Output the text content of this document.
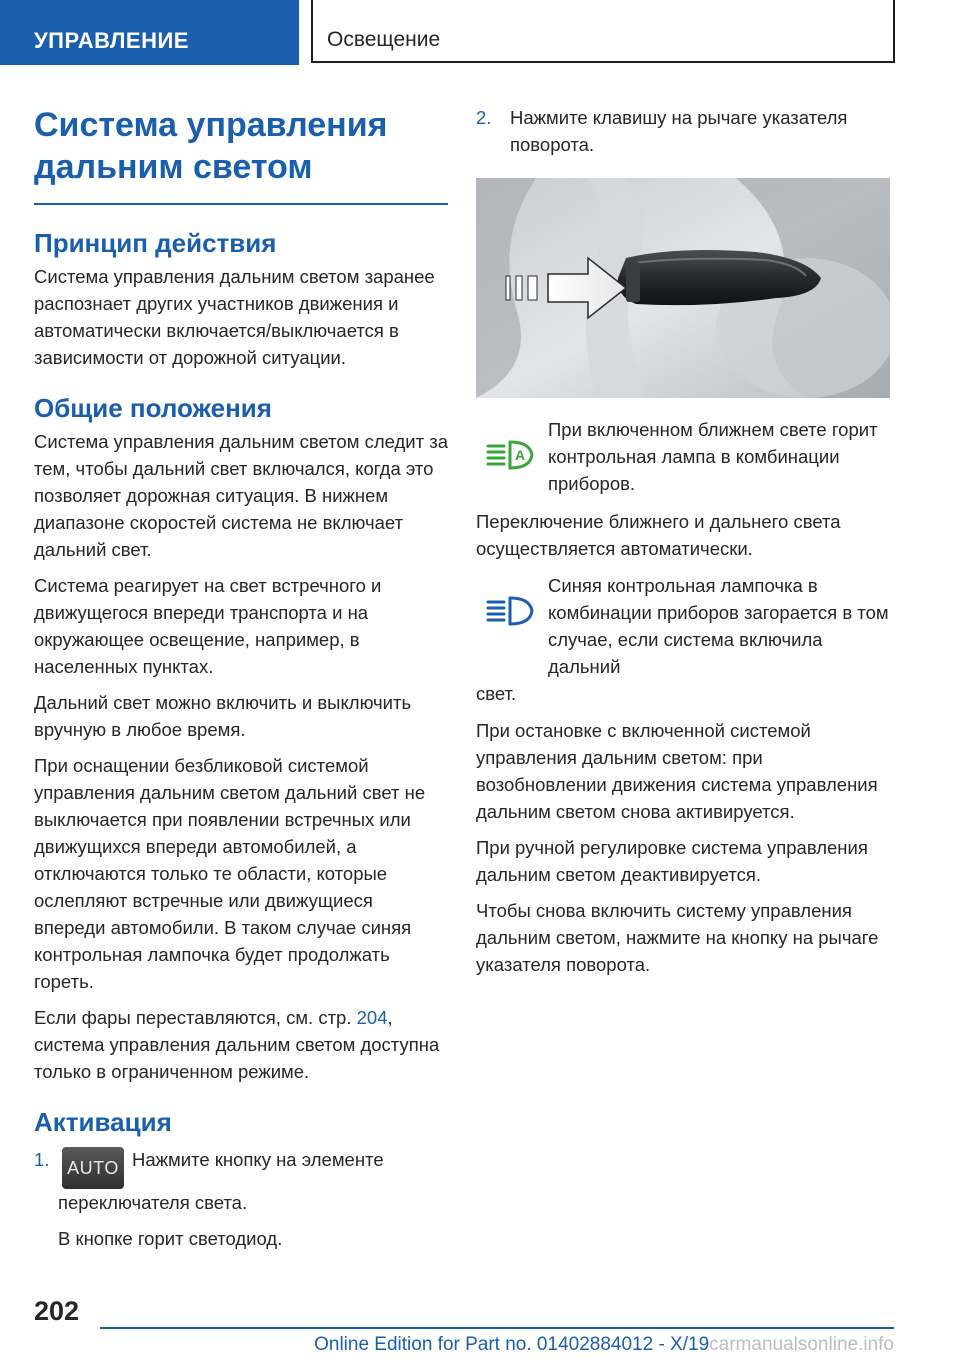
УПРАВЛЕНИЕ	Освещение
Система управления дальним светом
Принцип действия

Система управления дальним светом заранее распознает других участников движения и автоматически включается/выключается в зависимости от дорожной ситуации.

Общие положения

Система управления дальним светом следит за тем, чтобы дальний свет включался, когда это позволяет дорожная ситуация. В нижнем диапазоне скоростей система не включает дальний свет.

Система реагирует на свет встречного и движущегося впереди транспорта и на окружающее освещение, например, в населенных пунктах.

Дальний свет можно включить и выключить вручную в любое время.

При оснащении безбликовой системой управления дальним светом дальний свет не выключается при появлении встречных или движущихся впереди автомобилей, а отключаются только те области, которые ослепляют встречные или движущиеся впереди автомобили. В таком случае синяя контрольная лампочка будет продолжать гореть.

Если фары переставляются, см. стр. 204, система управления дальним светом доступна только в ограниченном режиме.

Активация
1. AUTO Нажмите кнопку на элементе переключателя света.
В кнопке горит светодиод.
2. Нажмите клавишу на рычаге указателя поворота.
A

При включенном ближнем свете горит контрольная лампа в комбинации приборов.

Переключение ближнего и дальнего света осуществляется автоматически.

Синяя контрольная лампочка в комбинации приборов загорается в том случае, если система включила дальний

свет.

При остановке с включенной системой управления дальним светом: при возобновлении движения система управления дальним светом снова активируется.

При ручной регулировке система управления дальним светом деактивируется.

Чтобы снова включить систему управления дальним светом, нажмите на кнопку на рычаге указателя поворота.

202
Online Edition for Part no. 01402884012 - X/19carmanualsonline.info
